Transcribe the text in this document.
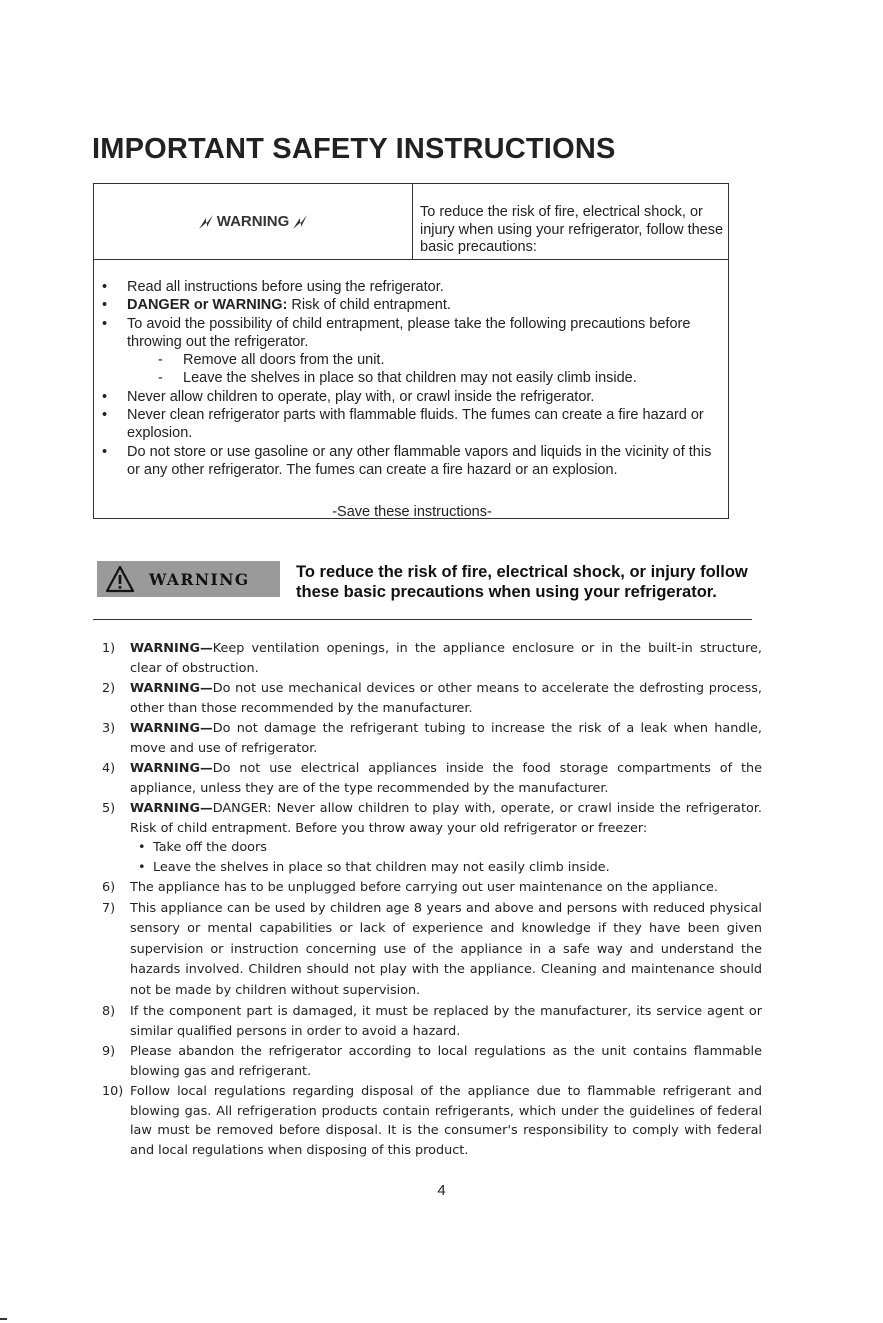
IMPORTANT SAFETY INSTRUCTIONS
WARNING
To reduce the risk of fire, electrical shock, or injury when using your refrigerator, follow these basic precautions:
• Read all instructions before using the refrigerator.
• DANGER or WARNING: Risk of child entrapment.
• To avoid the possibility of child entrapment, please take the following precautions before throwing out the refrigerator.
- Remove all doors from the unit.
- Leave the shelves in place so that children may not easily climb inside.
• Never allow children to operate, play with, or crawl inside the refrigerator.
• Never clean refrigerator parts with flammable fluids. The fumes can create a fire hazard or explosion.
• Do not store or use gasoline or any other flammable vapors and liquids in the vicinity of this or any other refrigerator. The fumes can create a fire hazard or an explosion.
-Save these instructions-
WARNING	To reduce the risk of fire, electrical shock, or injury follow these basic precautions when using your refrigerator.
1) WARNING—Keep ventilation openings, in the appliance enclosure or in the built-in structure, clear of obstruction.
2) WARNING—Do not use mechanical devices or other means to accelerate the defrosting process, other than those recommended by the manufacturer.
3) WARNING—Do not damage the refrigerant tubing to increase the risk of a leak when handle, move and use of refrigerator.
4) WARNING—Do not use electrical appliances inside the food storage compartments of the appliance, unless they are of the type recommended by the manufacturer.
5) WARNING—DANGER: Never allow children to play with, operate, or crawl inside the refrigerator. Risk of child entrapment. Before you throw away your old refrigerator or freezer:
• Take off the doors
• Leave the shelves in place so that children may not easily climb inside.
6) The appliance has to be unplugged before carrying out user maintenance on the appliance.
7) This appliance can be used by children age 8 years and above and persons with reduced physical sensory or mental capabilities or lack of experience and knowledge if they have been given supervision or instruction concerning use of the appliance in a safe way and understand the hazards involved. Children should not play with the appliance. Cleaning and maintenance should not be made by children without supervision.
8) If the component part is damaged, it must be replaced by the manufacturer, its service agent or similar qualified persons in order to avoid a hazard.
9) Please abandon the refrigerator according to local regulations as the unit contains flammable blowing gas and refrigerant.
10) Follow local regulations regarding disposal of the appliance due to flammable refrigerant and blowing gas. All refrigeration products contain refrigerants, which under the guidelines of federal law must be removed before disposal. It is the consumer's responsibility to comply with federal and local regulations when disposing of this product.
4
